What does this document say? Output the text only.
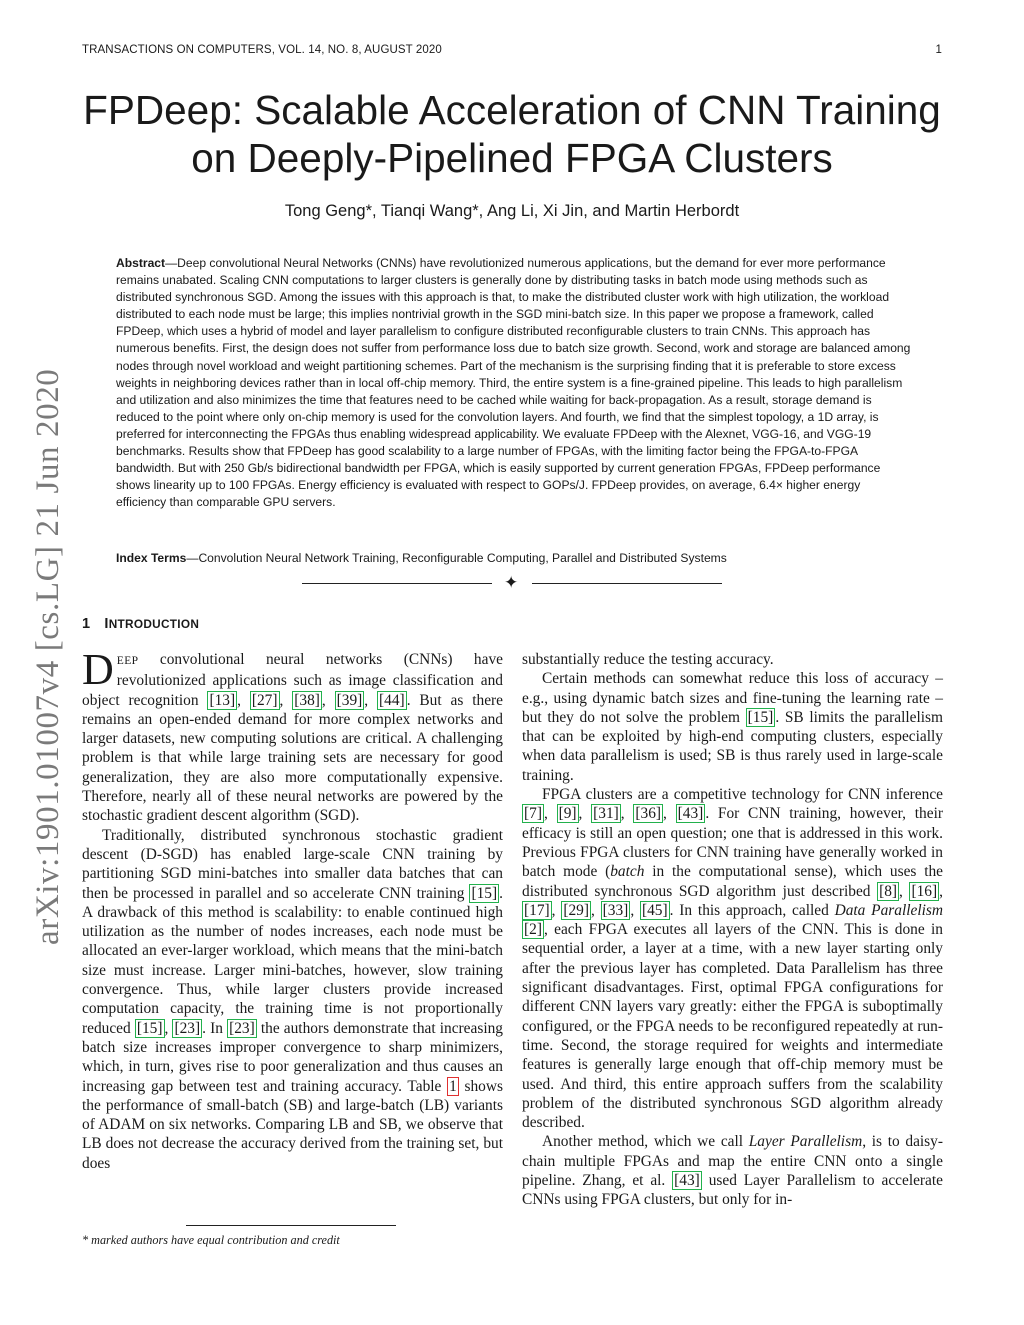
TRANSACTIONS ON COMPUTERS, VOL. 14, NO. 8, AUGUST 2020	1
arXiv:1901.01007v4 [cs.LG] 21 Jun 2020
FPDeep: Scalable Acceleration of CNN Training
on Deeply-Pipelined FPGA Clusters
Tong Geng*, Tianqi Wang*, Ang Li, Xi Jin, and Martin Herbordt

Abstract—Deep convolutional Neural Networks (CNNs) have revolutionized numerous applications, but the demand for ever more performance remains unabated. Scaling CNN computations to larger clusters is generally done by distributing tasks in batch mode using methods such as distributed synchronous SGD. Among the issues with this approach is that, to make the distributed cluster work with high utilization, the workload distributed to each node must be large; this implies nontrivial growth in the SGD mini-batch size. In this paper we propose a framework, called FPDeep, which uses a hybrid of model and layer parallelism to configure distributed reconfigurable clusters to train CNNs. This approach has numerous benefits. First, the design does not suffer from performance loss due to batch size growth. Second, work and storage are balanced among nodes through novel workload and weight partitioning schemes. Part of the mechanism is the surprising finding that it is preferable to store excess weights in neighboring devices rather than in local off-chip memory. Third, the entire system is a fine-grained pipeline. This leads to high parallelism and utilization and also minimizes the time that features need to be cached while waiting for back-propagation. As a result, storage demand is reduced to the point where only on-chip memory is used for the convolution layers. And fourth, we find that the simplest topology, a 1D array, is preferred for interconnecting the FPGAs thus enabling widespread applicability. We evaluate FPDeep with the Alexnet, VGG-16, and VGG-19 benchmarks. Results show that FPDeep has good scalability to a large number of FPGAs, with the limiting factor being the FPGA-to-FPGA bandwidth. But with 250 Gb/s bidirectional bandwidth per FPGA, which is easily supported by current generation FPGAs, FPDeep performance shows linearity up to 100 FPGAs. Energy efficiency is evaluated with respect to GOPs/J. FPDeep provides, on average, 6.4× higher energy efficiency than comparable GPU servers.

Index Terms—Convolution Neural Network Training, Reconfigurable Computing, Parallel and Distributed Systems
✦
1 INTRODUCTION

DEEP convolutional neural networks (CNNs) have revolutionized applications such as image classification and object recognition [13] , [27] , [38] , [39] , [44] . But as there remains an open-ended demand for more complex networks and larger datasets, new computing solutions are critical. A challenging problem is that while large training sets are necessary for good generalization, they are also more computationally expensive. Therefore, nearly all of these neural networks are powered by the stochastic gradient descent algorithm (SGD).

Traditionally, distributed synchronous stochastic gradient descent (D-SGD) has enabled large-scale CNN training by partitioning SGD mini-batches into smaller data batches that can then be processed in parallel and so accelerate CNN training [15] . A drawback of this method is scalability: to enable continued high utilization as the number of nodes increases, each node must be allocated an ever-larger workload, which means that the mini-batch size must increase. Larger mini-batches, however, slow training convergence. Thus, while larger clusters provide increased computation capacity, the training time is not proportionally reduced [15] , [23] . In [23] the authors demonstrate that increasing batch size increases improper convergence to sharp minimizers, which, in turn, gives rise to poor generalization and thus causes an increasing gap between test and training accuracy. Table 1 shows the performance of small-batch (SB) and large-batch (LB) variants of ADAM on six networks. Comparing LB and SB, we observe that LB does not decrease the accuracy derived from the training set, but does

substantially reduce the testing accuracy.

Certain methods can somewhat reduce this loss of accuracy – e.g., using dynamic batch sizes and fine-tuning the learning rate – but they do not solve the problem [15] . SB limits the parallelism that can be exploited by high-end computing clusters, especially when data parallelism is used; SB is thus rarely used in large-scale training.

FPGA clusters are a competitive technology for CNN inference [7] , [9] , [31] , [36] , [43] . For CNN training, however, their efficacy is still an open question; one that is addressed in this work. Previous FPGA clusters for CNN training have generally worked in batch mode (batch in the computational sense), which uses the distributed synchronous SGD algorithm just described [8] , [16] , [17] , [29] , [33] , [45] . In this approach, called Data Parallelism [2] , each FPGA executes all layers of the CNN. This is done in sequential order, a layer at a time, with a new layer starting only after the previous layer has completed. Data Parallelism has three significant disadvantages. First, optimal FPGA configurations for different CNN layers vary greatly: either the FPGA is suboptimally configured, or the FPGA needs to be reconfigured repeatedly at run-time. Second, the storage required for weights and intermediate features is generally large enough that off-chip memory must be used. And third, this entire approach suffers from the scalability problem of the distributed synchronous SGD algorithm already described.

Another method, which we call Layer Parallelism, is to daisy-chain multiple FPGAs and map the entire CNN onto a single pipeline. Zhang, et al. [43] used Layer Parallelism to accelerate CNNs using FPGA clusters, but only for in-

* marked authors have equal contribution and credit
